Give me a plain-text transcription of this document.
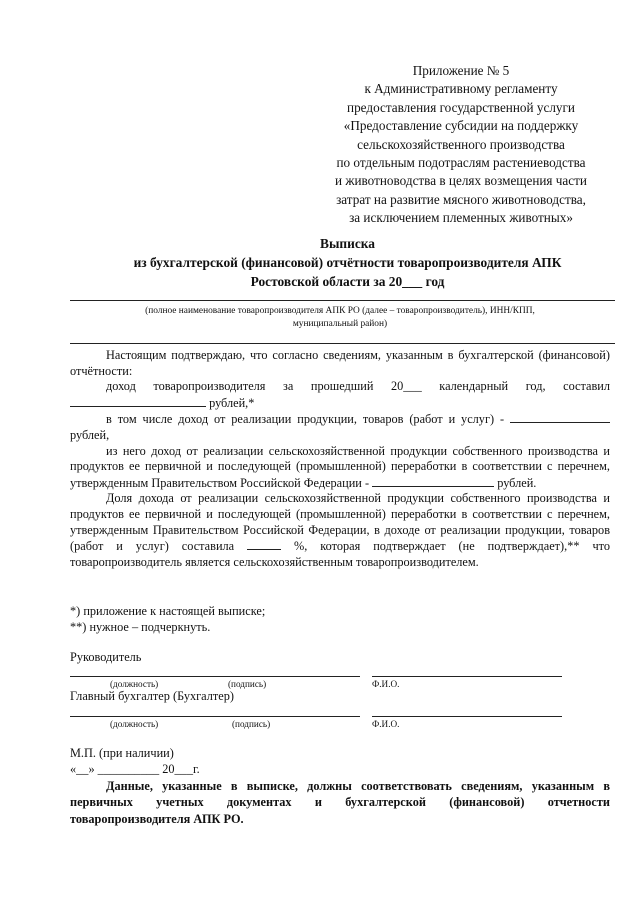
Приложение № 5
к Административному регламенту
предоставления государственной услуги
«Предоставление субсидии на поддержку
сельскохозяйственного производства
по отдельным подотраслям растениеводства
и животноводства в целях возмещения части
затрат на развитие мясного животноводства,
за исключением племенных животных»
Выписка
из бухгалтерской (финансовой) отчётности товаропроизводителя АПК
Ростовской области за 20___ год
(полное наименование товаропроизводителя АПК РО (далее – товаропроизводитель), ИНН/КПП, муниципальный район)

Настоящим подтверждаю, что согласно сведениям, указанным в бухгалтерской (финансовой) отчётности:

доход товаропроизводителя за прошедший 20___ календарный год, составил  рублей,*

в том числе доход от реализации продукции, товаров (работ и услуг) -  рублей,

из него доход от реализации сельскохозяйственной продукции собственного производства и продуктов ее первичной и последующей (промышленной) переработки в соответствии с перечнем, утвержденным Правительством Российской Федерации -	рублей.

Доля дохода от реализации сельскохозяйственной продукции собственного производства и продуктов ее первичной и последующей (промышленной) переработки в соответствии с перечнем, утвержденным Правительством Российской Федерации, в доходе от реализации продукции, товаров (работ и услуг) составила	%, которая подтверждает (не подтверждает),** что товаропроизводитель является сельскохозяйственным товаропроизводителем.

*) приложение к настоящей выписке;
**) нужное – подчеркнуть.
Руководитель
(должность)	(подпись)	Ф.И.О.
Главный бухгалтер (Бухгалтер)
(должность)	(подпись)	Ф.И.О.
М.П. (при наличии)
«__» __________ 20___г.

Данные, указанные в выписке, должны соответствовать сведениям, указанным в первичных учетных документах и бухгалтерской (финансовой) отчетности товаропроизводителя АПК РО.
